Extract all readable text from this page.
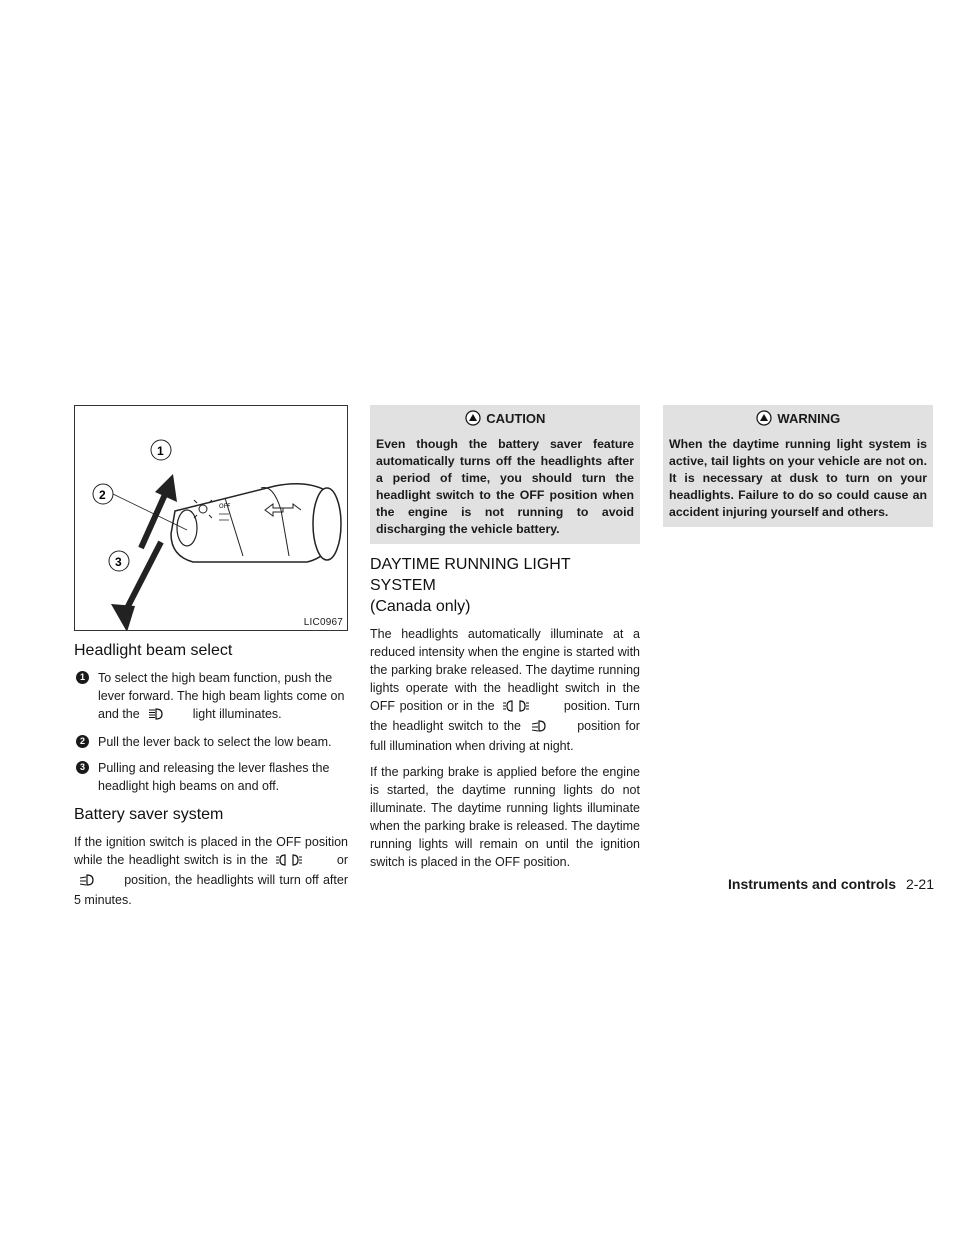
OFF
1
2
3
LIC0967
Headlight beam select
1	To select the high beam function, push the lever forward. The high beam lights come on and the	light illuminates.
2	Pull the lever back to select the low beam.
3	Pulling and releasing the lever flashes the headlight high beams on and off.
Battery saver system

If the ignition switch is placed in the OFF position while the headlight switch is in the	or  position, the headlights will turn off after 5 minutes.

CAUTION
Even though the battery saver feature automatically turns off the headlights after a period of time, you should turn the headlight switch to the OFF position when the engine is not running to avoid discharging the vehicle battery.
DAYTIME RUNNING LIGHT SYSTEM
(Canada only)

The headlights automatically illuminate at a reduced intensity when the engine is started with the parking brake released. The daytime running lights operate with the headlight switch in the OFF position or in the	position. Turn the headlight switch to the	position for full illumination when driving at night.

If the parking brake is applied before the engine is started, the daytime running lights do not illuminate. The daytime running lights illuminate when the parking brake is released. The daytime running lights will remain on until the ignition switch is placed in the OFF position.

WARNING
When the daytime running light system is active, tail lights on your vehicle are not on. It is necessary at dusk to turn on your headlights. Failure to do so could cause an accident injuring yourself and others.
Instruments and controls 2-21
